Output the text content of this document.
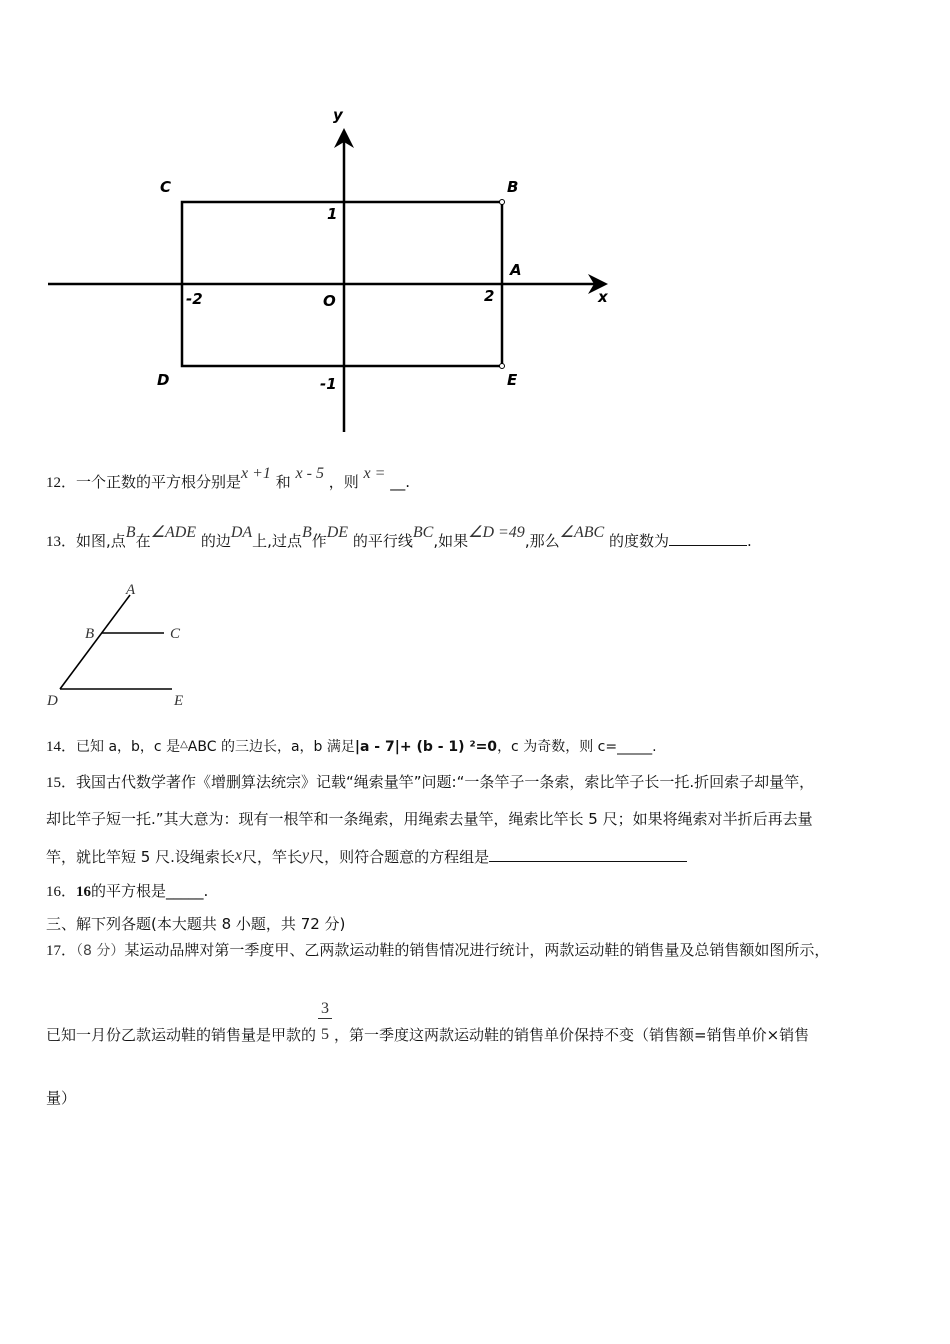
y
x
C	B
A
D	E
O
1
-1
-2	2
12．一个正数的平方根分别是x +1 和 x - 5 ，则 x = __.
13．如图,点B在∠ADE 的边DA上,过点B作DE 的平行线BC,如果∠D =49,那么∠ABC 的度数为	.
A
B	C
D	E
14．已知 a，b，c 是△ABC 的三边长，a，b 满足|a - 7|+ (b - 1) ²=0，c 为奇数，则 c=_____.
15．我国古代数学著作《增删算法统宗》记载“绳索量竿”问题:“一条竿子一条索，索比竿子长一托.折回索子却量竿，
却比竿子短一托.”其大意为：现有一根竿和一条绳索，用绳索去量竿，绳索比竿长 5 尺；如果将绳索对半折后再去量
竿，就比竿短 5 尺.设绳索长x尺，竿长y尺，则符合题意的方程组是
16．16的平方根是_____.
三、解下列各题(本大题共 8 小题，共 72 分)
17．（8 分）某运动品牌对第一季度甲、乙两款运动鞋的销售情况进行统计，两款运动鞋的销售量及总销售额如图所示，
已知一月份乙款运动鞋的销售量是甲款的 $\frac{3}{5}$ ，第一季度这两款运动鞋的销售单价保持不变（销售额=销售单价×销售
量）
